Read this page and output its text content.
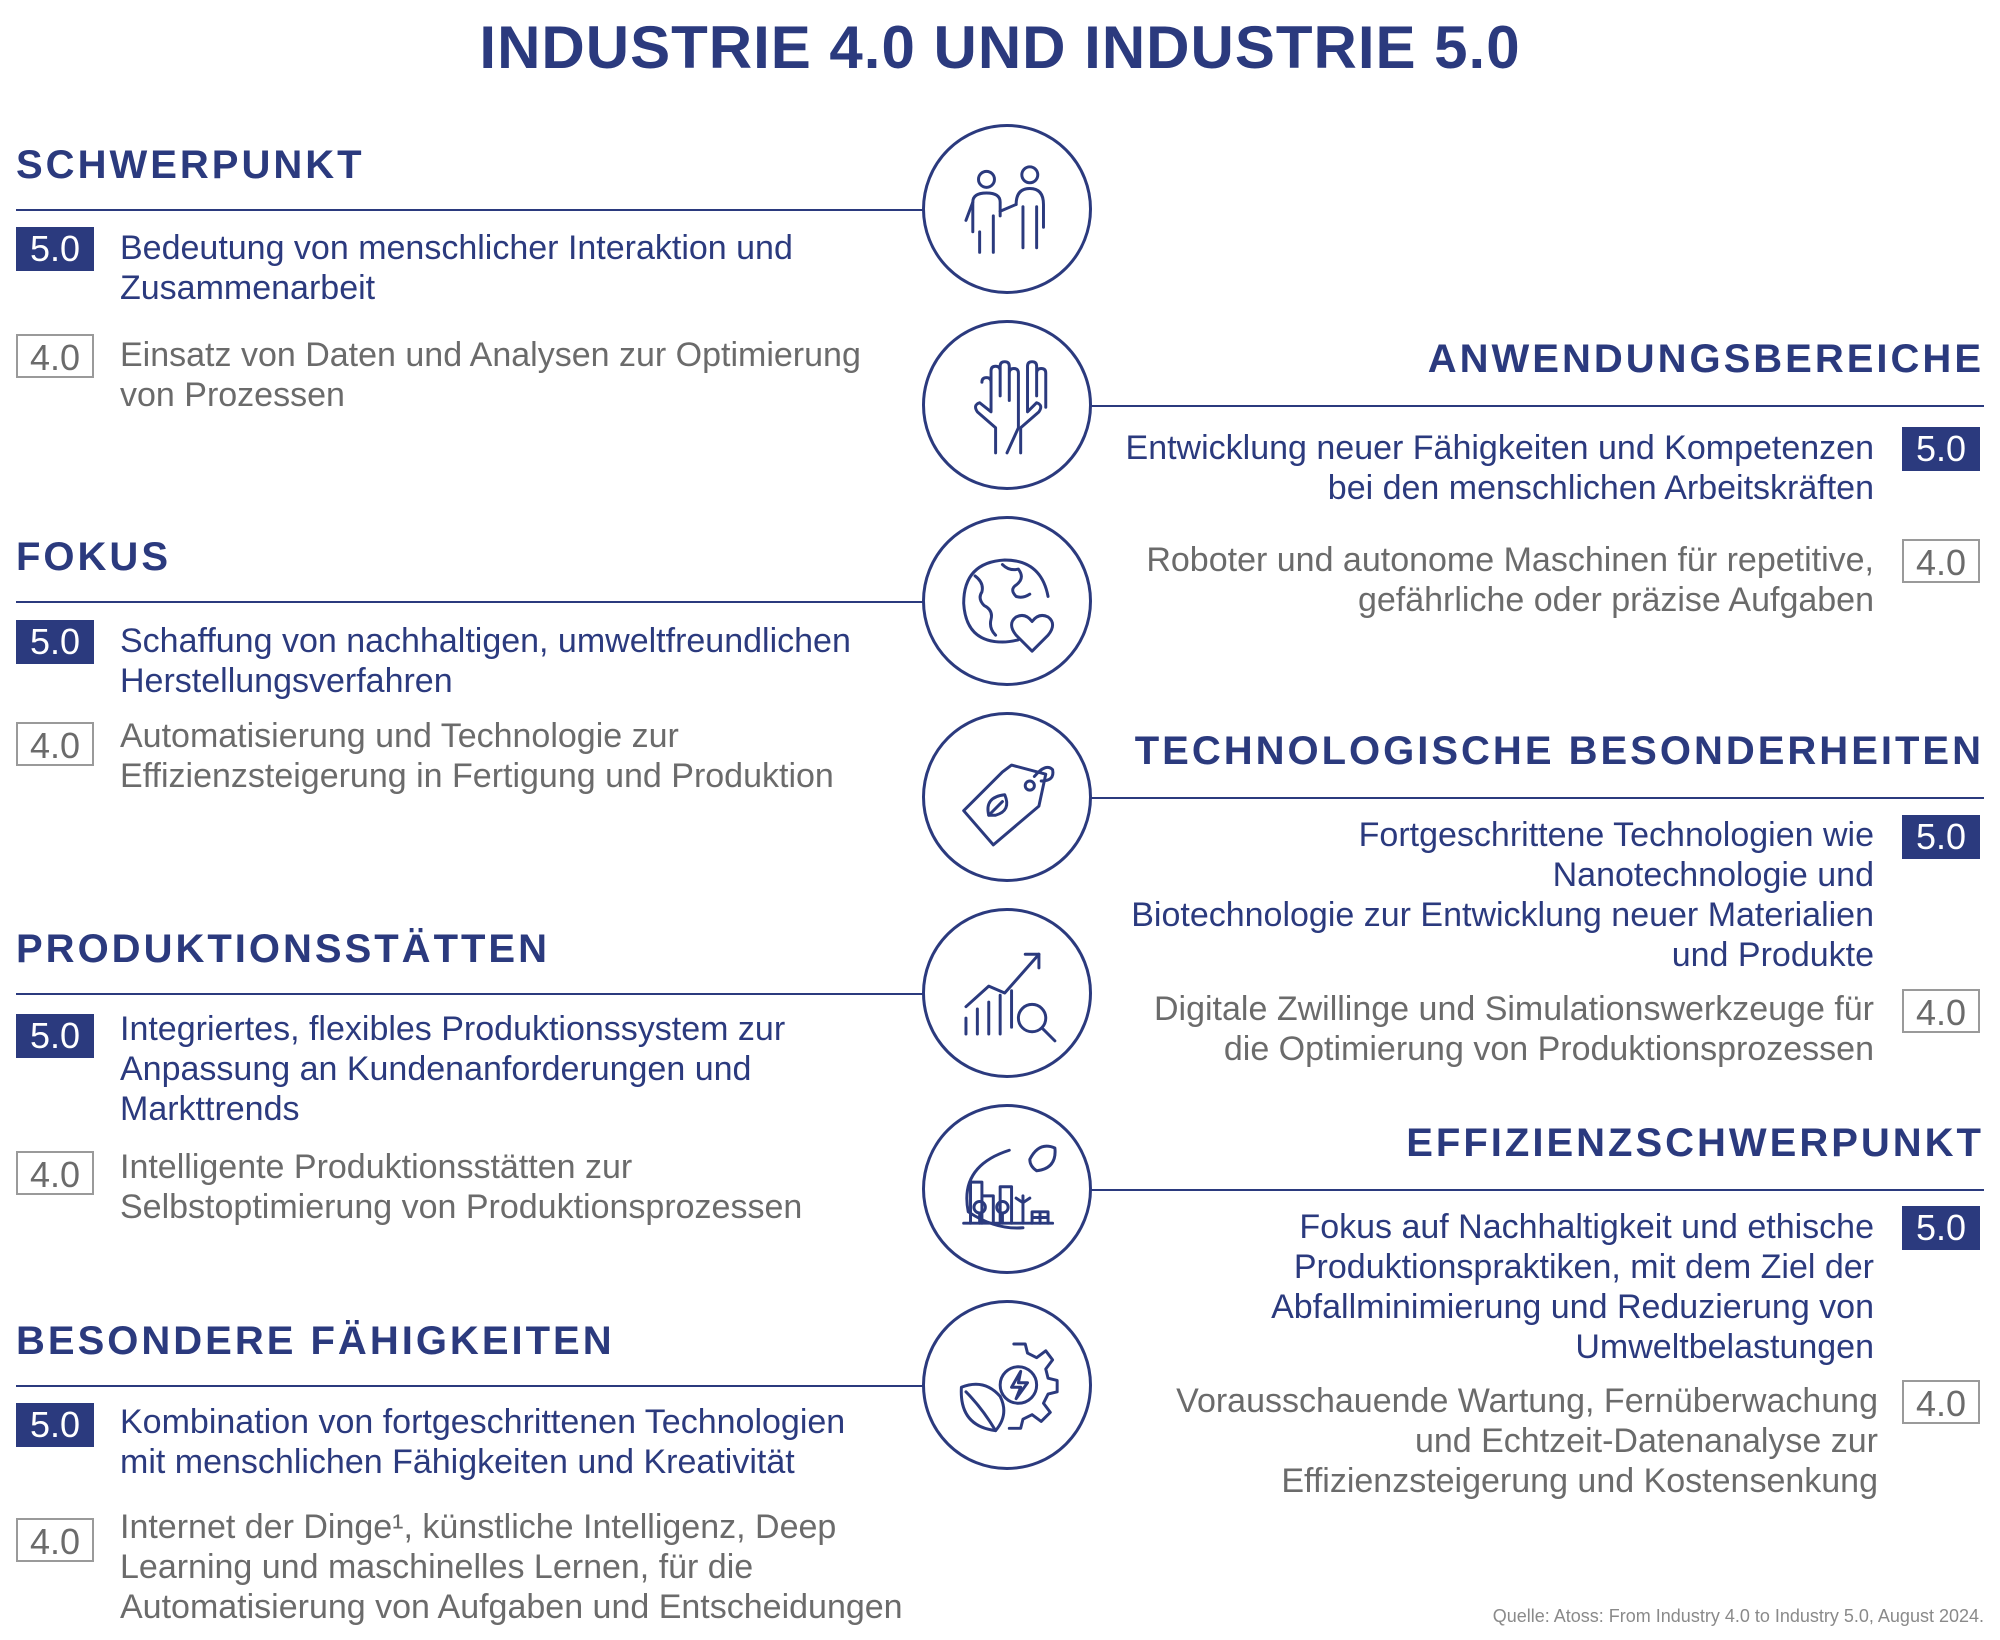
INDUSTRIE 4.0 UND INDUSTRIE 5.0
SCHWERPUNKT
5.0	Bedeutung von menschlicher Interaktion und
Zusammenarbeit
4.0	Einsatz von Daten und Analysen zur Optimierung
von Prozessen
FOKUS
5.0	Schaffung von nachhaltigen, umweltfreundlichen
Herstellungsverfahren
4.0	Automatisierung und Technologie zur
Effizienzsteigerung in Fertigung und Produktion
PRODUKTIONSSTÄTTEN
5.0	Integriertes, flexibles Produktionssystem zur
Anpassung an Kundenanforderungen und
Markttrends
4.0	Intelligente Produktionsstätten zur
Selbstoptimierung von Produktionsprozessen
BESONDERE FÄHIGKEITEN
5.0	Kombination von fortgeschrittenen Technologien
mit menschlichen Fähigkeiten und Kreativität
4.0	Internet der Dinge¹, künstliche Intelligenz, Deep
Learning und maschinelles Lernen, für die
Automatisierung von Aufgaben und Entscheidungen
ANWENDUNGSBEREICHE
Entwicklung neuer Fähigkeiten und Kompetenzen
bei den menschlichen Arbeitskräften
5.0
Roboter und autonome Maschinen für repetitive,
gefährliche oder präzise Aufgaben
4.0
TECHNOLOGISCHE BESONDERHEITEN
Fortgeschrittene Technologien wie
Nanotechnologie und
Biotechnologie zur Entwicklung neuer Materialien
und Produkte
5.0
Digitale Zwillinge und Simulationswerkzeuge für
die Optimierung von Produktionsprozessen
4.0
EFFIZIENZSCHWERPUNKT
Fokus auf Nachhaltigkeit und ethische
Produktionspraktiken, mit dem Ziel der
Abfallminimierung und Reduzierung von
Umweltbelastungen
5.0
Vorausschauende Wartung, Fernüberwachung
und Echtzeit-Datenanalyse zur
Effizienzsteigerung und Kostensenkung
4.0
Quelle: Atoss: From Industry 4.0 to Industry 5.0, August 2024.
